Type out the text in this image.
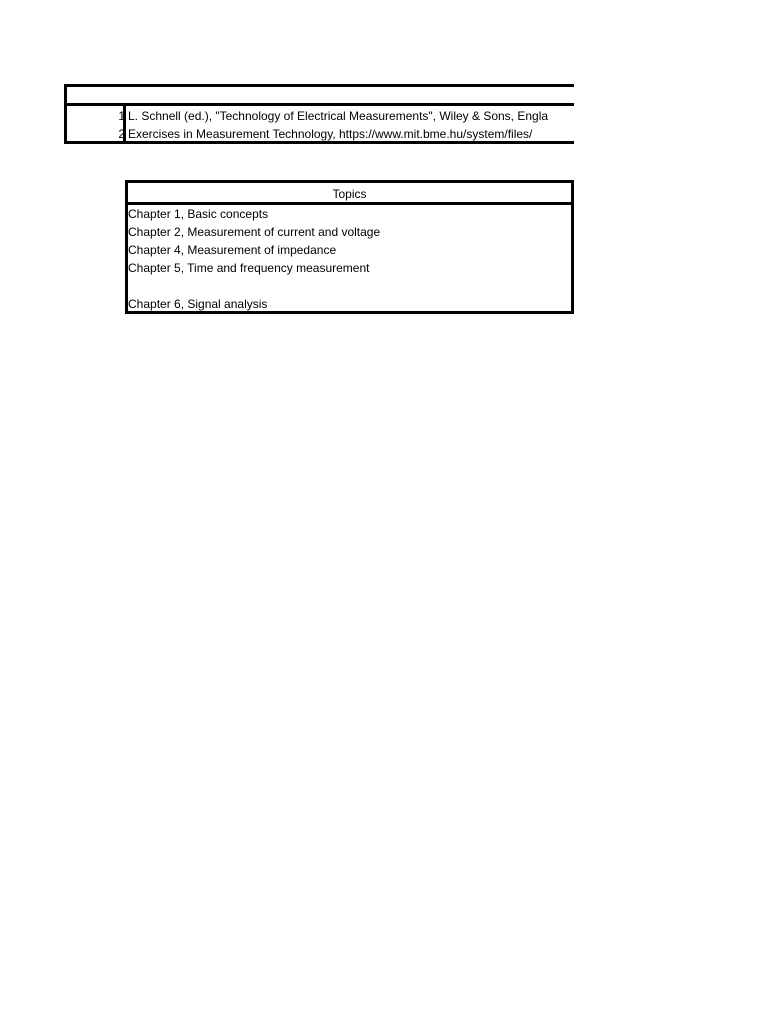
1 L. Schnell (ed.), "Technology of Electrical Measurements", Wiley & Sons, Engla
2 Exercises in Measurement Technology, https://www.mit.bme.hu/system/files/
Topics
Chapter 1, Basic concepts
Chapter 2, Measurement of current and voltage
Chapter 4, Measurement of impedance
Chapter 5, Time and frequency measurement
Chapter 6, Signal analysis
